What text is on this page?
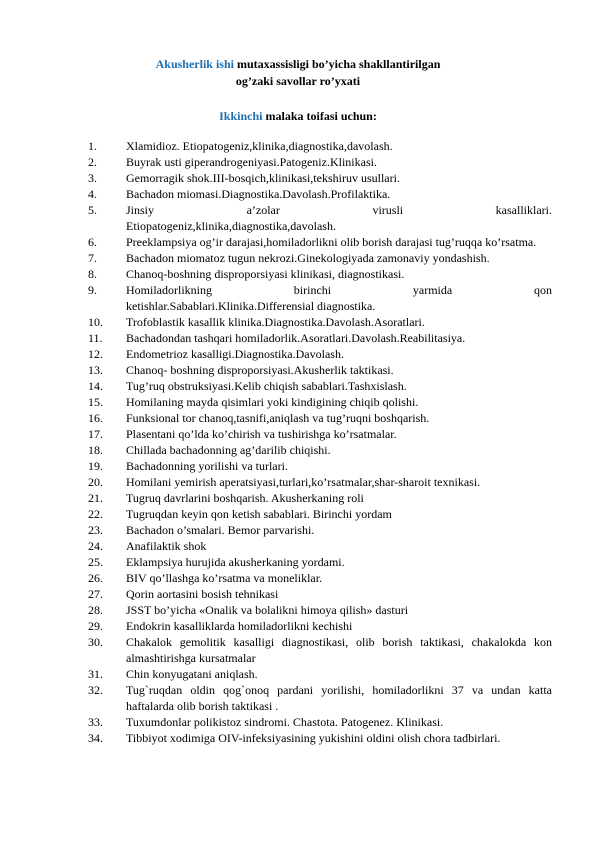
Akusherlik ishi mutaxassisligi bo’yicha shakllantirilgan
og’zaki savollar ro’yxati
Ikkinchi malaka toifasi uchun:
1.	Xlamidioz. Etiopatogeniz,klinika,diagnostika,davolash.
2.	Buyrak usti giperandrogeniyasi.Patogeniz.Klinikasi.
3.	Gemorragik shok.III-bosqich,klinikasi,tekshiruv usullari.
4.	Bachadon miomasi.Diagnostika.Davolash.Profilaktika.
5.	Jinsiy a’zolar virusli kasalliklari.
Etiopatogeniz,klinika,diagnostika,davolash.
6.	Preeklampsiya og’ir darajasi,homiladorlikni olib borish darajasi tug’ruqqa ko’rsatma.
7.	Bachadon miomatoz tugun nekrozi.Ginekologiyada zamonaviy yondashish.
8.	Chanoq-boshning disproporsiyasi klinikasi, diagnostikasi.
9.	Homiladorlikning birinchi yarmida qon
ketishlar.Sabablari.Klinika.Differensial diagnostika.
10.	Trofoblastik kasallik klinika.Diagnostika.Davolash.Asoratlari.
11.	Bachadondan tashqari homiladorlik.Asoratlari.Davolash.Reabilitasiya.
12.	Endometrioz kasalligi.Diagnostika.Davolash.
13.	Chanoq- boshning disproporsiyasi.Akusherlik taktikasi.
14.	Tug’ruq obstruksiyasi.Kelib chiqish sabablari.Tashxislash.
15.	Homilaning mayda qisimlari yoki kindigining chiqib qolishi.
16.	Funksional tor chanoq,tasnifi,aniqlash va tug’ruqni boshqarish.
17.	Plasentani qo’lda ko’chirish va tushirishga ko’rsatmalar.
18.	Chillada bachadonning ag’darilib chiqishi.
19.	Bachadonning yorilishi va turlari.
20.	Homilani yemirish aperatsiyasi,turlari,ko’rsatmalar,shar-sharoit texnikasi.
21.	Tugruq davrlarini boshqarish. Akusherkaning roli
22.	Tugruqdan keyin qon ketish sabablari. Birinchi yordam
23.	Bachadon o’smalari. Bemor parvarishi.
24.	Anafilaktik shok
25.	Eklampsiya hurujida akusherkaning yordami.
26.	BIV qo’llashga ko’rsatma va moneliklar.
27.	Qorin aortasini bosish tehnikasi
28.	JSST bo’yicha «Onalik va bolalikni himoya qilish» dasturi
29.	Endokrin kasalliklarda homiladorlikni kechishi
30.	Chakalok gemolitik kasalligi diagnostikasi, olib borish taktikasi, chakalokda kon almashtirishga kursatmalar
31.	Chin konyugatani aniqlash.
32.	Tug`ruqdan oldin qog`onoq pardani yorilishi, homiladorlikni 37 va undan katta haftalarda olib borish taktikasi .
33.	Tuxumdonlar polikistoz sindromi. Chastota. Patogenez. Klinikasi.
34.	Tibbiyot xodimiga OIV-infeksiyasining yukishini oldini olish chora tadbirlari.
